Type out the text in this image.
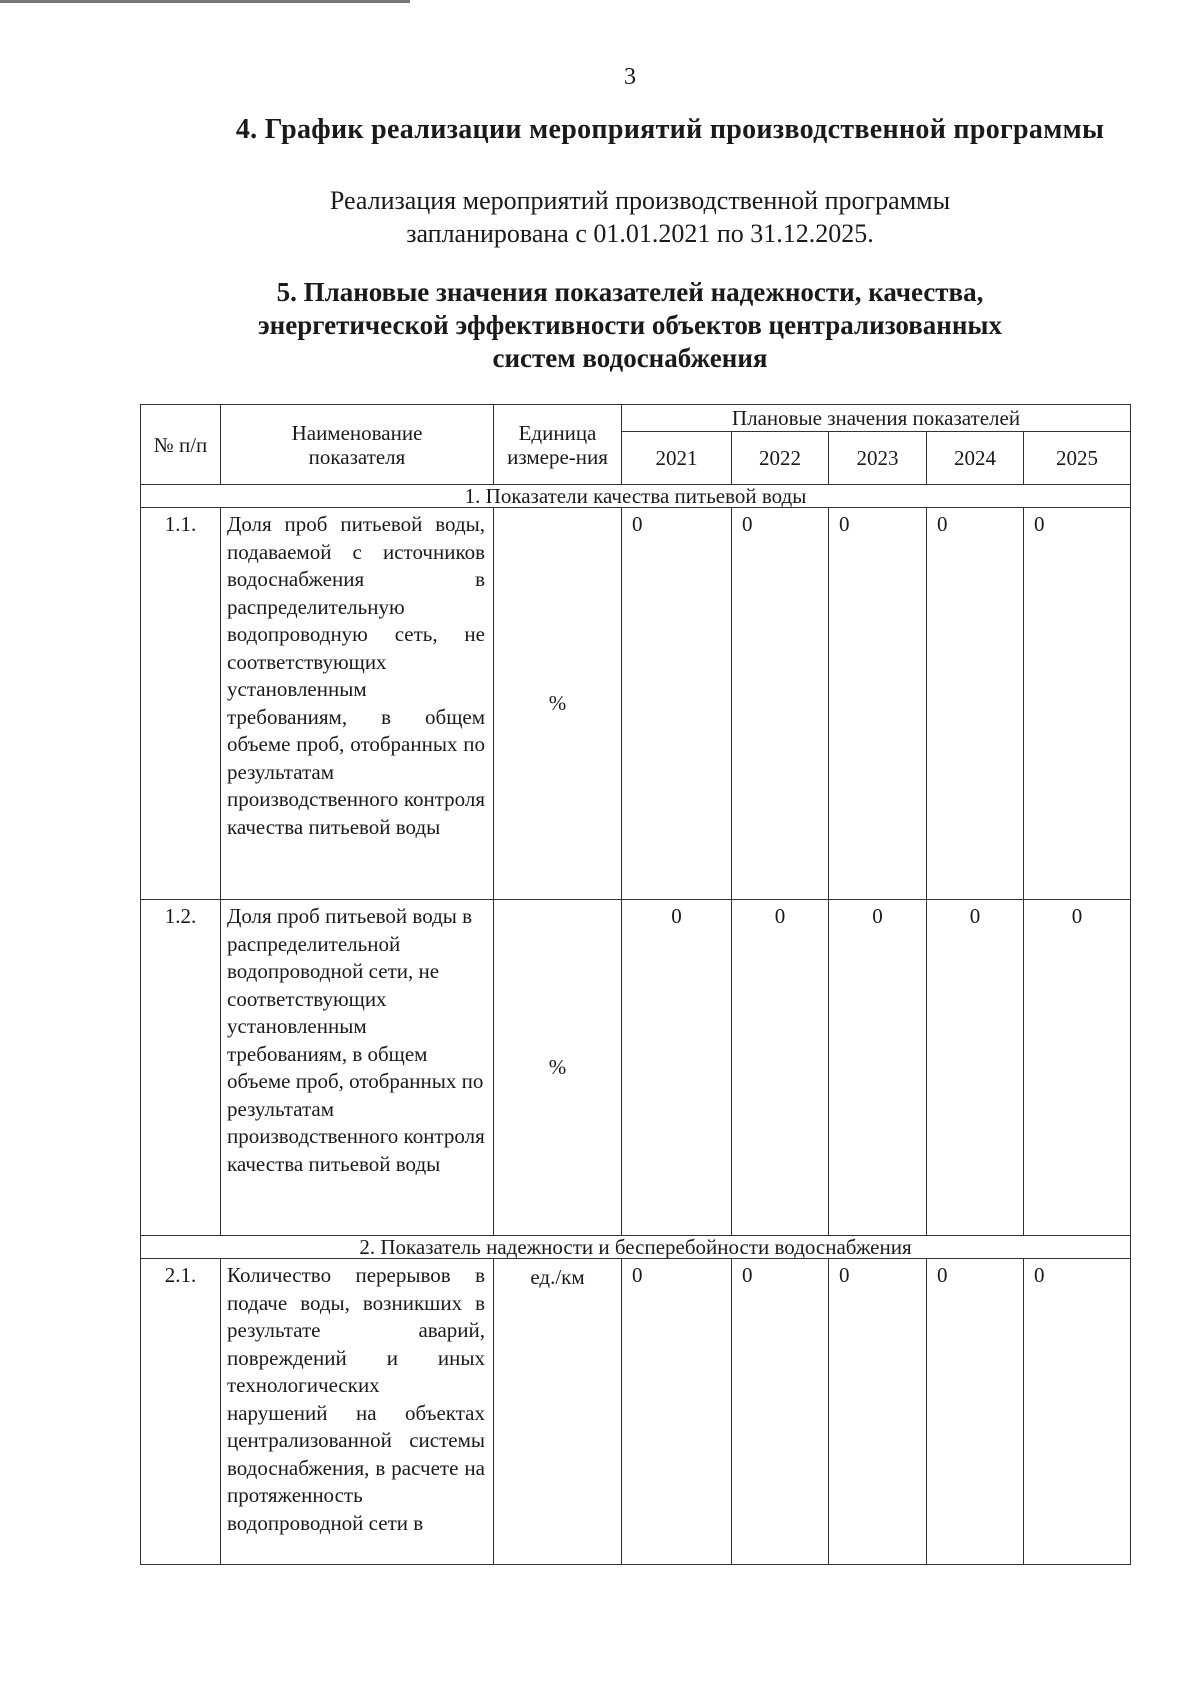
3
4. График реализации мероприятий производственной программы
Реализация мероприятий производственной программы
запланирована с 01.01.2021 по 31.12.2025.
5. Плановые значения показателей надежности, качества,
энергетической эффективности объектов централизованных
систем водоснабжения
№ п/п	Наименование показателя	Единица измере-ния	Плановые значения показателей				
			2021	2022	2023	2024	2025
1. Показатели качества питьевой воды							
1.1.	Доля проб питьевой воды, подаваемой с источников водоснабжения в распределительную водопроводную сеть, не соответствующих установленным требованиям, в общем объеме проб, отобранных по результатам производственного контроля качества питьевой воды	%	0	0	0	0	0
1.2.	Доля проб питьевой воды в распределительной водопроводной сети, не соответствующих установленным требованиям, в общем объеме проб, отобранных по результатам производственного контроля качества питьевой воды	%	0	0	0	0	0
2. Показатель надежности и бесперебойности водоснабжения							
2.1.	Количество перерывов в подаче воды, возникших в результате аварий, повреждений и иных технологических нарушений на объектах централизованной системы водоснабжения, в расчете на протяженность водопроводной сети в	ед./км	0	0	0	0	0
